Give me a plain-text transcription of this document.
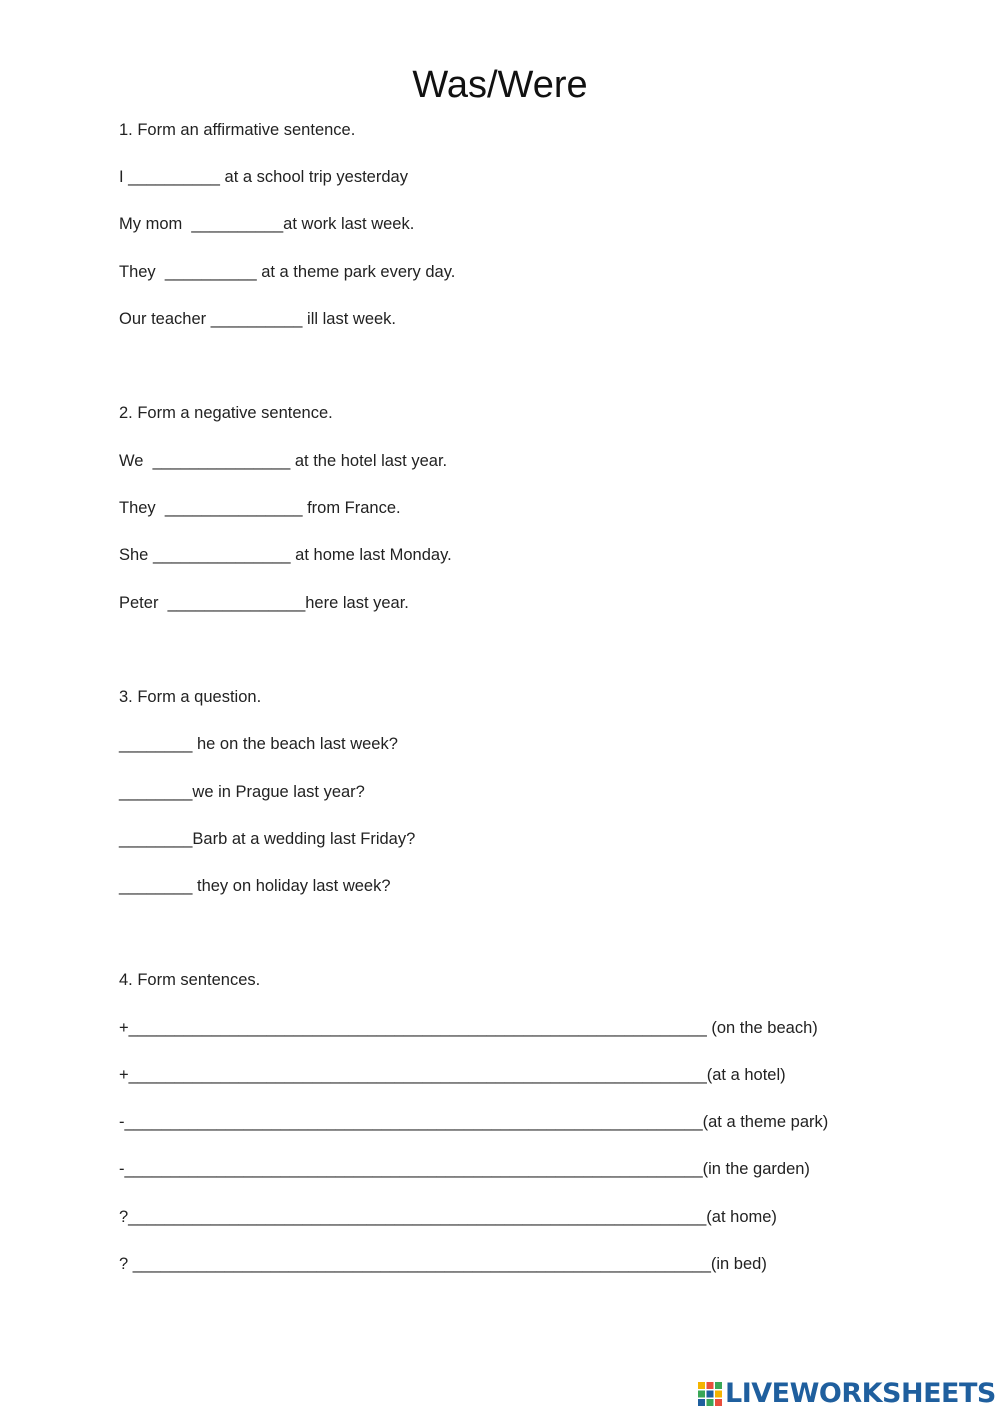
Was/Were
1. Form an affirmative sentence.
I __________ at a school trip yesterday
My mom  __________at work last week.
They  __________ at a theme park every day.
Our teacher __________ ill last week.
2. Form a negative sentence.
We  _______________ at the hotel last year.
They  _______________ from France.
She _______________ at home last Monday.
Peter  _______________here last year.
3. Form a question.
________ he on the beach last week?
________we in Prague last year?
________Barb at a wedding last Friday?
________ they on holiday last week?
4. Form sentences.
+_______________________________________________________________ (on the beach)
+_______________________________________________________________(at a hotel)
-_______________________________________________________________(at a theme park)
-_______________________________________________________________(in the garden)
?_______________________________________________________________(at home)
? _______________________________________________________________(in bed)
LIVEWORKSHEETS
